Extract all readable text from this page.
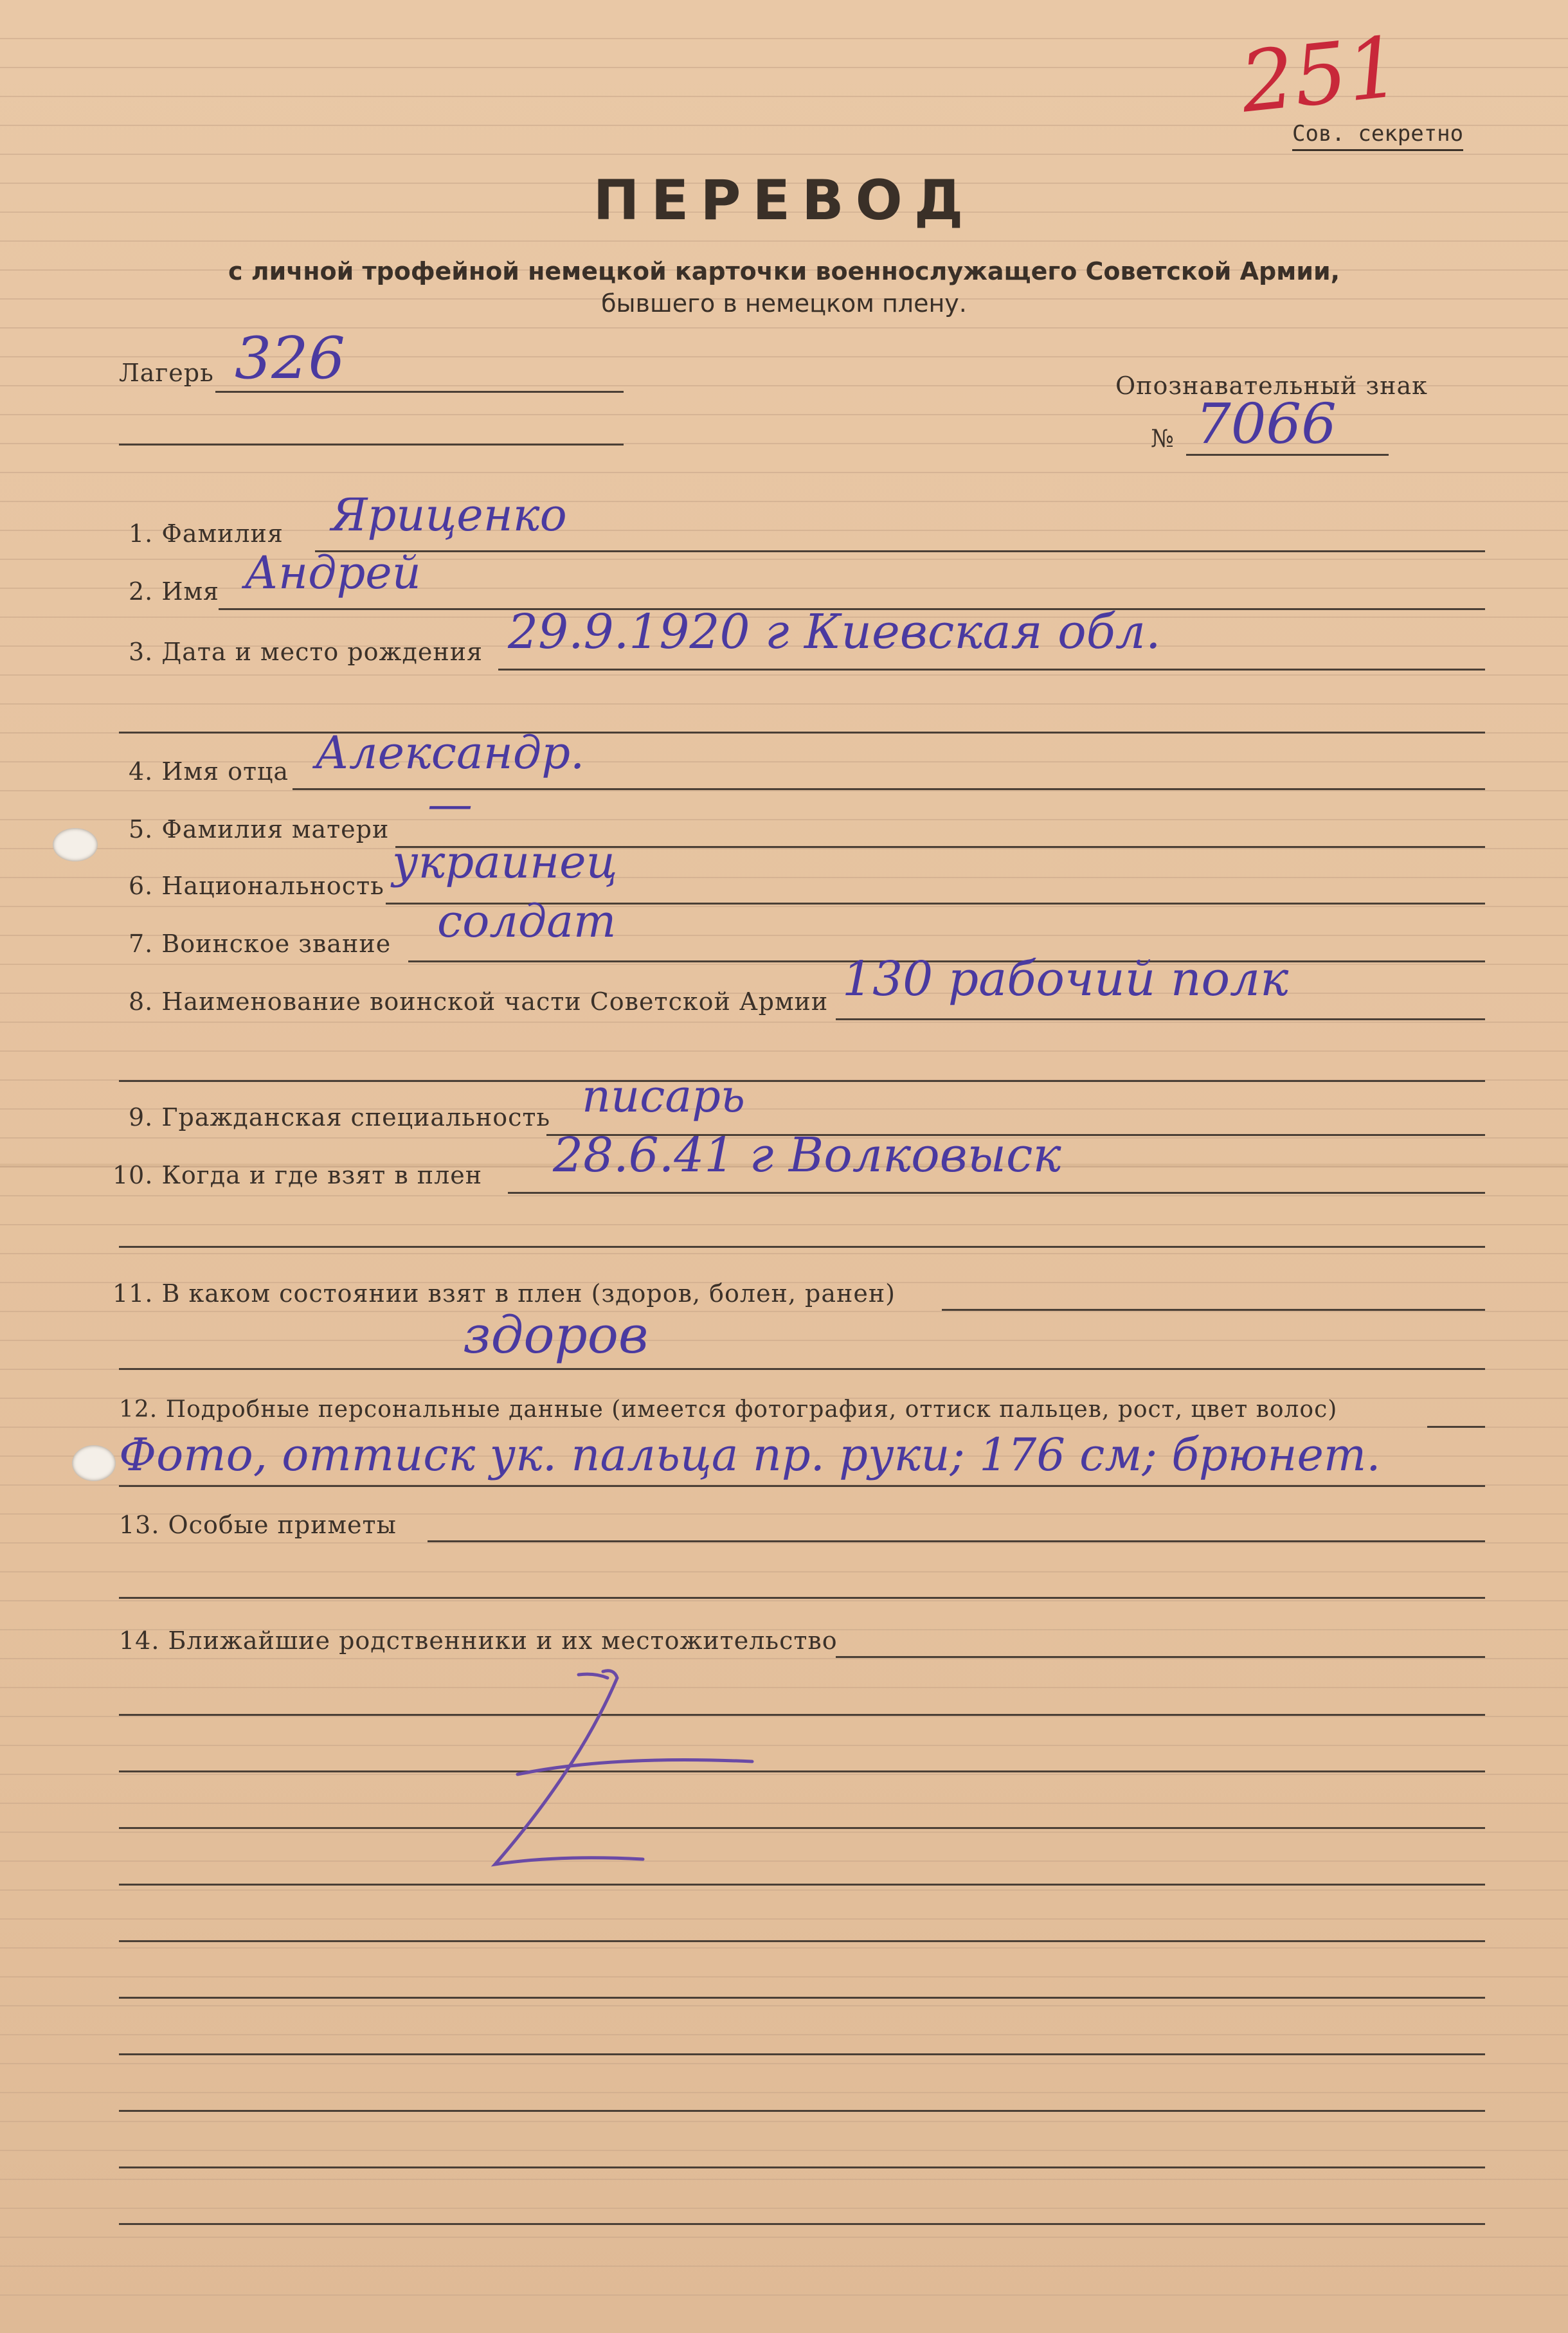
251
Сов. секретно
ПЕРЕВОД
с личной трофейной немецкой карточки военнослужащего Советской Армии,
бывшего в немецком плену.
Лагерь 326	Опознавательный знак
№ 7066
1. Фамилия Яриценко
2. Имя Андрей
3. Дата и место рождения 29.9.1920 г Киевская обл.
4. Имя отца Александр.
5. Фамилия матери —
6. Национальность украинец
7. Воинское звание солдат
8. Наименование воинской части Советской Армии 130 рабочий полк
9. Гражданская специальность писарь
10. Когда и где взят в плен 28.6.41 г Волковыск
11. В каком состоянии взят в плен (здоров, болен, ранен)
здоров
12. Подробные персональные данные (имеется фотография, оттиск пальцев, рост, цвет волос)
Фото, оттиск ук. пальца пр. руки; 176 см; брюнет.
13. Особые приметы
14. Ближайшие родственники и их местожительство
